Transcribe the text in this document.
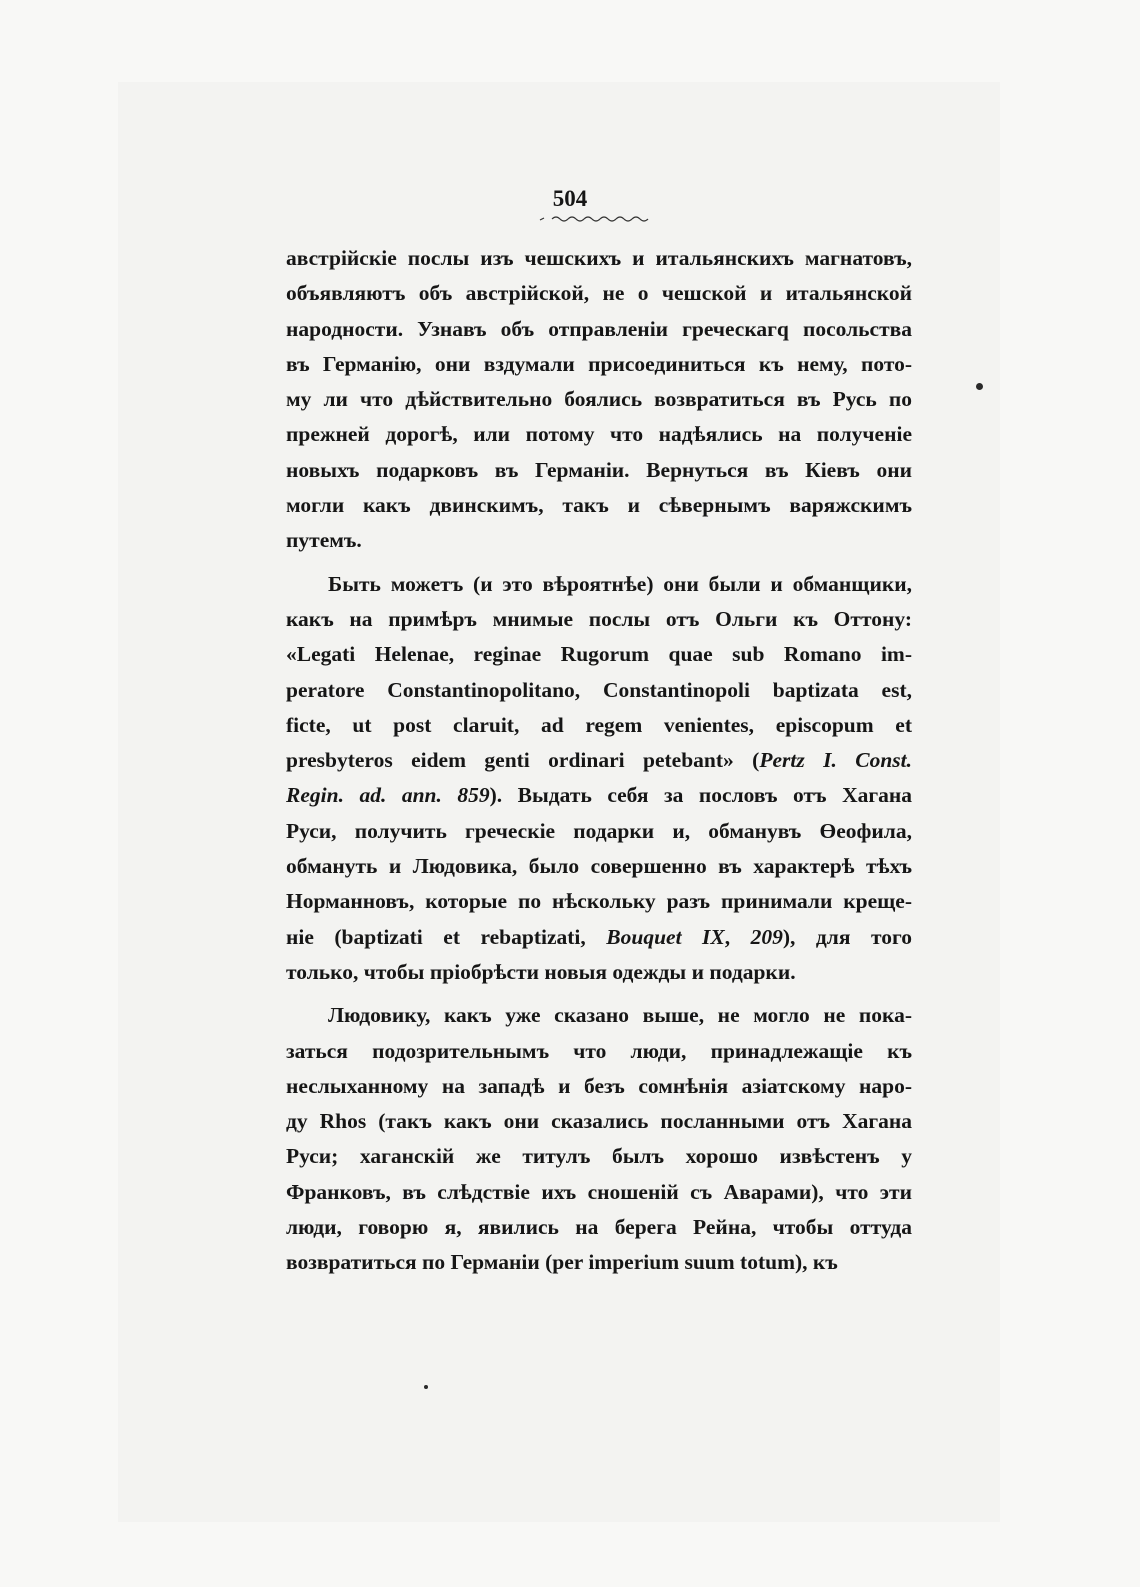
504
австрійскіе послы изъ чешскихъ и итальянскихъ магнатовъ,
объявляютъ объ австрійской, не о чешской и итальянской
народности. Узнавъ объ отправленіи греческагq посольства
въ Германію, они вздумали присоединиться къ нему, пото-
му ли что дѣйствительно боялись возвратиться въ Русь по
прежней дорогѣ, или потому что надѣялись на полученіе
новыхъ подарковъ въ Германіи. Вернуться въ Кіевъ они
могли какъ двинскимъ, такъ и сѣвернымъ варяжскимъ
путемъ.
Быть можетъ (и это вѣроятнѣе) они были и обманщики,
какъ на примѣръ мнимые послы отъ Ольги къ Оттону:
«Legati Helenae, reginae Rugorum quae sub Romano im-
peratore Constantinopolitano, Constantinopoli baptizata est,
ficte, ut post claruit, ad regem venientes, episcopum et
presbyteros eidem genti ordinari petebant» (Pertz I. Const.
Regin. ad. ann. 859). Выдать себя за пословъ отъ Хагана
Руси, получить греческіе подарки и, обманувъ Өеофила,
обмануть и Людовика, было совершенно въ характерѣ тѣхъ
Норманновъ, которые по нѣскольку разъ принимали креще-
ніе (baptizati et rebaptizati, Bouquet IX, 209), для того
только, чтобы пріобрѣсти новыя одежды и подарки.
Людовику, какъ уже сказано выше, не могло не пока-
заться подозрительнымъ что люди, принадлежащіе къ
неслыханному на западѣ и безъ сомнѣнія азіатскому наро-
ду Rhos (такъ какъ они сказались посланными отъ Хагана
Руси; хаганскій же титулъ былъ хорошо извѣстенъ у
Франковъ, въ слѣдствіе ихъ сношеній съ Аварами), что эти
люди, говорю я, явились на берега Рейна, чтобы оттуда
возвратиться по Германіи (per imperium suum totum), къ
